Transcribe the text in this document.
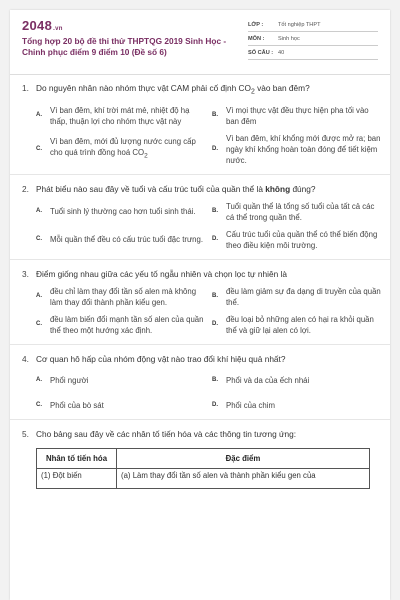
2048.vn
Tổng hợp 20 bộ đề thi thử THPTQG 2019 Sinh Học - Chinh phục điểm 9 điểm 10 (Đề số 6)
LỚP :	Tốt nghiệp THPT
MÔN :	Sinh học
SỐ CÂU : 40
1. Do nguyên nhân nào nhóm thực vật CAM phải cố định $CO_2$ vào ban đêm?
A.
Vì ban đêm, khí trời mát mẻ, nhiệt độ hạ thấp, thuận lợi cho nhóm thực vật này
B.
Vì mọi thực vật đều thực hiện pha tối vào ban đêm
C.
Vì ban đêm, mới đủ lượng nước cung cấp cho quá trình đồng hoá $CO_2$
D.
Vì ban đêm, khí khổng mới được mở ra; ban ngày khí khổng hoàn toàn đóng để tiết kiệm nước.
2. Phát biểu nào sau đây về tuổi và cấu trúc tuổi của quần thể là không đúng?
A.	Tuổi sinh lý thường cao hơn tuổi sinh thái.	B.
Tuổi quần thể là tổng số tuổi của tất cả các cá thể trong quần thể.
C.	Mỗi quần thể đều có cấu trúc tuổi đặc trưng.	D.
Cấu trúc tuổi của quần thể có thể biến động theo điều kiện môi trường.
3. Điểm giống nhau giữa các yếu tố ngẫu nhiên và chọn lọc tự nhiên là
A.
đều chỉ làm thay đổi tần số alen mà không làm thay đổi thành phần kiểu gen.
B.
đều làm giảm sự đa dạng di truyền của quần thể.
C.
đều làm biến đổi mạnh tần số alen của quần thể theo một hướng xác định.
D.
đều loại bỏ những alen có hại ra khỏi quần thể và giữ lại alen có lợi.
4. Cơ quan hô hấp của nhóm động vật nào trao đổi khí hiệu quả nhất?
A.	Phổi người	B.	Phổi và da của ếch nhái
C.	Phổi của bò sát	D.	Phổi của chim
5. Cho bảng sau đây về các nhân tố tiến hóa và các thông tin tương ứng:
Nhân tố tiến hóa	Đặc điểm
(1) Đột biến	(a) Làm thay đổi tần số alen và thành phần kiểu gen của
